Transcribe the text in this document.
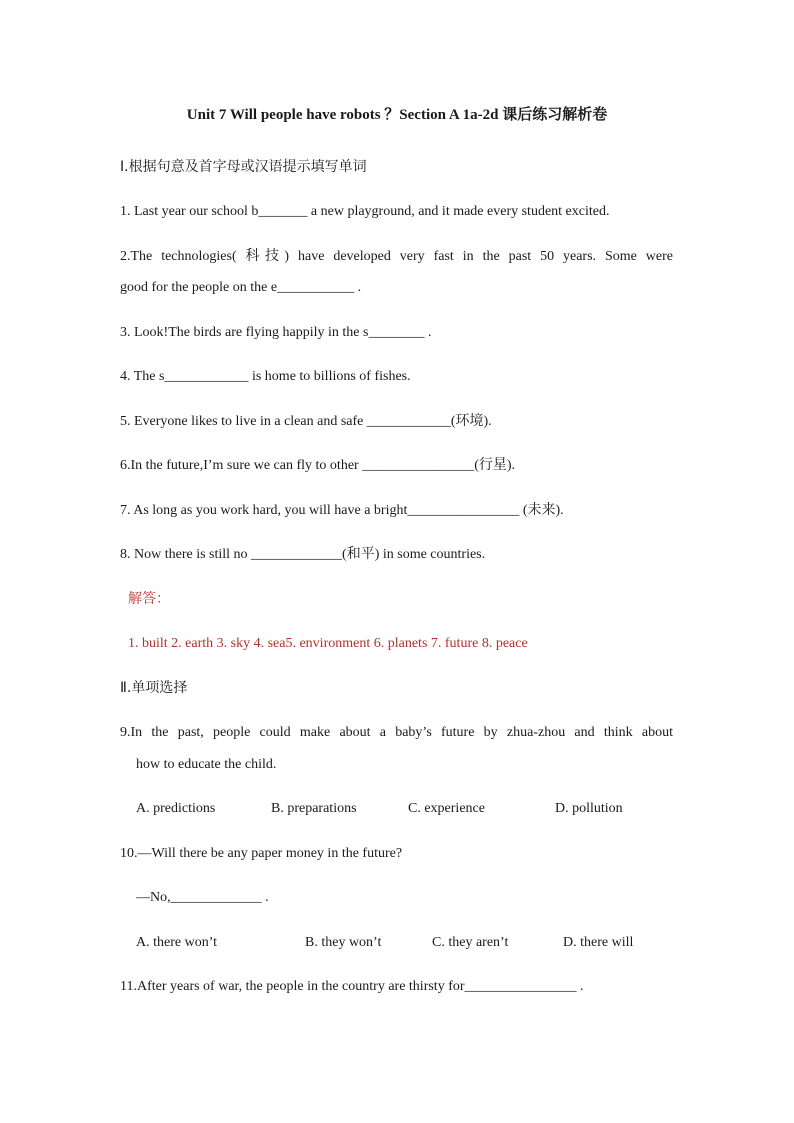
Unit 7 Will people have robots ？Section A 1a-2d 课后练习解析卷
Ⅰ.根据句意及首字母或汉语提示填写单词
1. Last year our school b_______ a new playground, and it made every student excited.
2.The technologies( 科技) have developed very fast in the past 50 years. Some were
good for the people on the e___________ .
3. Look!The birds are flying happily in the s________ .
4. The s____________ is home to billions of fishes.
5. Everyone likes to live in a clean and safe ____________(环境).
6.In the future,I’m sure we can fly to other ________________(行星).
7. As long as you work hard, you will have a bright________________ (未来).
8. Now there is still no _____________(和平) in some countries.
解答：
1. built 2. earth 3. sky 4. sea5. environment 6. planets 7. future 8. peace
Ⅱ.单项选择
9.In the past, people could make about a baby’s future by zhua-zhou and think about
how to educate the child.
A. predictions	B. preparations	C. experience	D. pollution
10.—Will there be any paper money in the future?
—No,_____________ .
A. there won’t	B. they won’t	C. they aren’t	D. there will
11.After years of war, the people in the country are thirsty for________________ .
